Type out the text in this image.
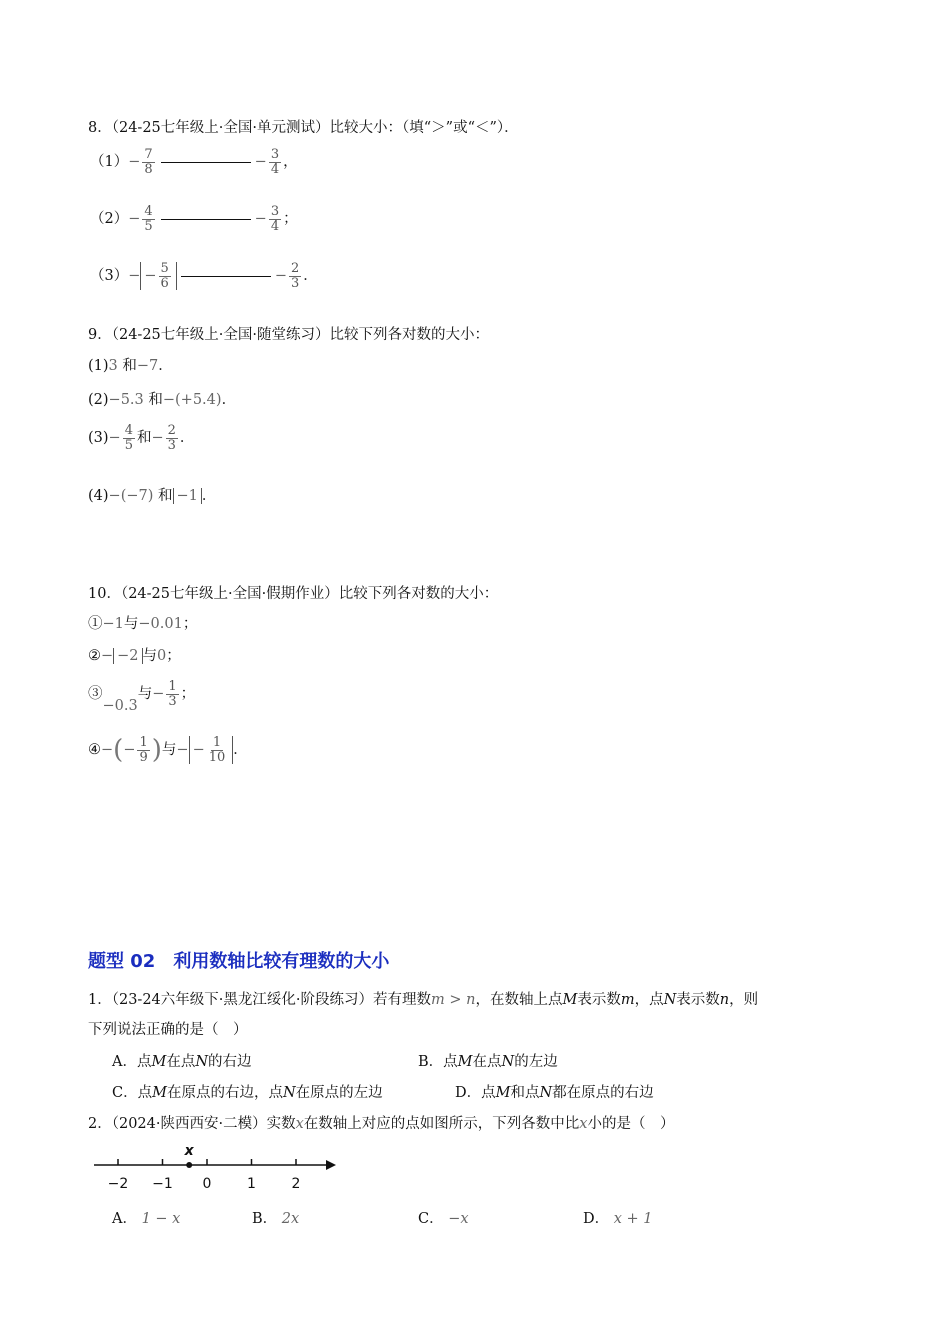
8．（24-25七年级上·全国·单元测试）比较大小：（填“＞”或“＜”）．
$(1)- \frac{7}{8}$	− $\frac{3}{4}$ ，
$(2)- \frac{4}{5}$	− $\frac{3}{4}$ ；
$(3)- - \frac{5}{6}$	− $\frac{2}{3}$ ．
9．（24-25七年级上·全国·随堂练习）比较下列各对数的大小：
(1)3 和−7．
(2)−5.3 和−(+5.4)．
$(3)- \frac{4}{5}$ 和− $\frac{2}{3}$ ．
(4)−(−7) 和 −1 ．
10．（24-25七年级上·全国·假期作业）比较下列各对数的大小：
①−1与−0.01；
②− −2 与0；
③−0.3与− $\frac{1}{3}$ ；
④−(− $\frac{1}{9}$ )与− − $\frac{1}{10}$ ．
题型 02　利用数轴比较有理数的大小
1．（23-24六年级下·黑龙江绥化·阶段练习）若有理数m > n，在数轴上点M表示数m，点N表示数n，则
下列说法正确的是（　）
A．点M在点N的右边	B．点M在点N的左边
C．点M在原点的右边，点N在原点的左边	D．点M和点N都在原点的右边
2．（2024·陕西西安·二模）实数x在数轴上对应的点如图所示，下列各数中比x小的是（　）
−2 −1 0	1	2
x
A． 1 − x	B． 2x	C． −x	D． x + 1
